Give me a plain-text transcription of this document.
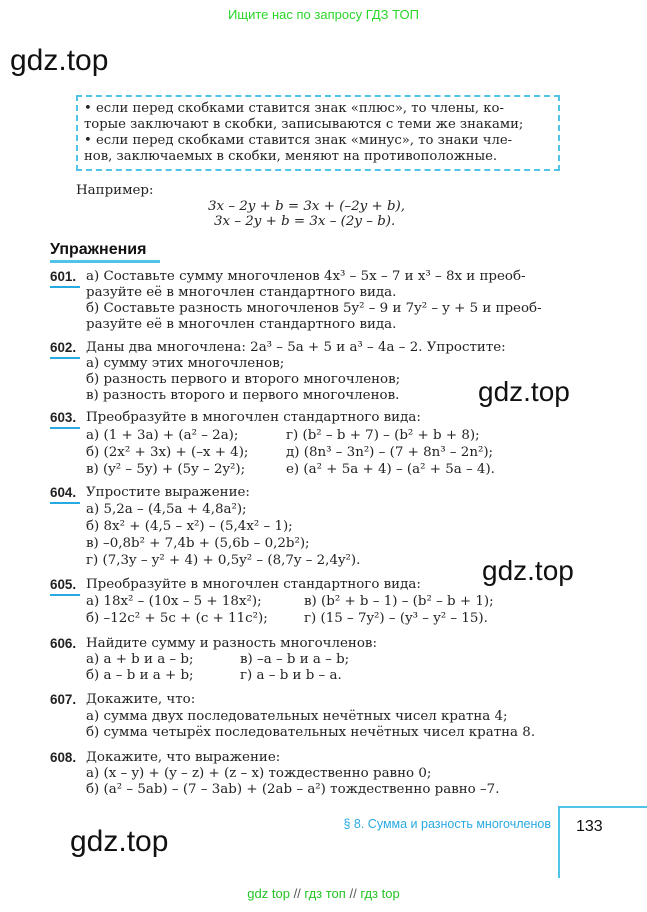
Ищите нас по запросу ГДЗ ТОП
gdz.top
gdz.top
gdz.top
gdz.top
• если перед скобками ставится знак «плюс», то члены, ко-
торые заключают в скобки, записываются с теми же знаками;
• если перед скобками ставится знак «минус», то знаки чле-
нов, заключаемых в скобки, меняют на противоположные.
Например:
3x – 2y + b = 3x + (–2y + b),
3x – 2y + b = 3x – (2y – b).
Упражнения
601. а) Составьте сумму многочленов 4x³ – 5x – 7 и x³ – 8x и преоб-
разуйте её в многочлен стандартного вида.
б) Составьте разность многочленов 5y² – 9 и 7y² – y + 5 и преоб-
разуйте её в многочлен стандартного вида.
602. Даны два многочлена: 2a³ – 5a + 5 и a³ – 4a – 2. Упростите:
а) сумму этих многочленов;
б) разность первого и второго многочленов;
в) разность второго и первого многочленов.
603. Преобразуйте в многочлен стандартного вида:
а) (1 + 3a) + (a² – 2a);	г) (b² – b + 7) – (b² + b + 8);
б) (2x² + 3x) + (–x + 4);	д) (8n³ – 3n²) – (7 + 8n³ – 2n²);
в) (y² – 5y) + (5y – 2y²);	е) (a² + 5a + 4) – (a² + 5a – 4).
604. Упростите выражение:
а) 5,2a – (4,5a + 4,8a²);
б) 8x² + (4,5 – x²) – (5,4x² – 1);
в) –0,8b² + 7,4b + (5,6b – 0,2b²);
г) (7,3y – y² + 4) + 0,5y² – (8,7y – 2,4y²).
605. Преобразуйте в многочлен стандартного вида:
а) 18x² – (10x – 5 + 18x²);	в) (b² + b – 1) – (b² – b + 1);
б) –12c² + 5c + (c + 11c²);	г) (15 – 7y²) – (y³ – y² – 15).
606. Найдите сумму и разность многочленов:
а) a + b и a – b;	в) –a – b и a – b;
б) a – b и a + b;	г) a – b и b – a.
607. Докажите, что:
а) сумма двух последовательных нечётных чисел кратна 4;
б) сумма четырёх последовательных нечётных чисел кратна 8.
608. Докажите, что выражение:
а) (x – y) + (y – z) + (z – x) тождественно равно 0;
б) (a² – 5ab) – (7 – 3ab) + (2ab – a²) тождественно равно –7.
§ 8. Сумма и разность многочленов 133
gdz top // гдз топ // гдз top
